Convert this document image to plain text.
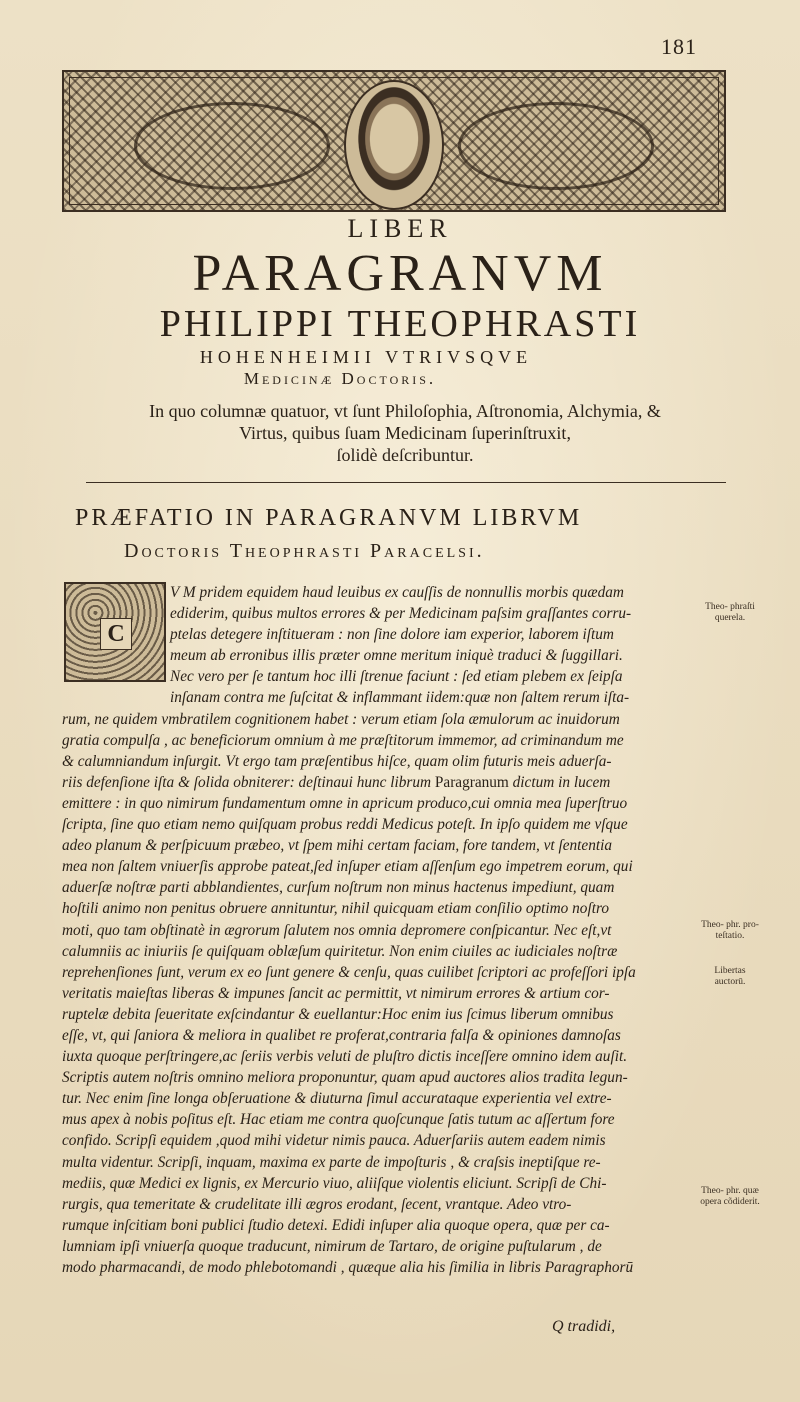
181
LIBER
PARAGRANVM
PHILIPPI THEOPHRASTI
HOHENHEIMII VTRIVSQVE
Medicinæ Doctoris.
In quo columnæ quatuor, vt ſunt Philoſophia, Aſtronomia, Alchymia, &
Virtus, quibus ſuam Medicinam ſuperinſtruxit,
ſolidè deſcribuntur.
PRÆFATIO IN PARAGRANVM LIBRVM
Doctoris Theophrasti Paracelsi.
V M pridem equidem haud leuibus ex cauſſis de nonnullis morbis quædam
ediderim, quibus multos errores & per Medicinam paſsim graſſantes corru-
ptelas detegere inſtitueram : non ſine dolore iam experior, laborem iſtum
meum ab erronibus illis præter omne meritum iniquè traduci & ſuggillari.
Nec vero per ſe tantum hoc illi ſtrenue faciunt : ſed etiam plebem ex ſeipſa
inſanam contra me ſuſcitat & inflammant iidem:quæ non ſaltem rerum iſta-
rum, ne quidem vmbratilem cognitionem habet : verum etiam ſola æmulorum ac inuidorum
gratia compulſa , ac beneficiorum omnium à me præſtitorum immemor, ad criminandum me
& calumniandum inſurgit. Vt ergo tam præſentibus hiſce, quam olim futuris meis aduerſa-
riis defenſione iſta & ſolida obniterer: deſtinaui hunc librum Paragranum dictum in lucem
emittere : in quo nimirum fundamentum omne in apricum produco,cui omnia mea ſuperſtruo
ſcripta, ſine quo etiam nemo quiſquam probus reddi Medicus poteſt. In ipſo quidem me vſque
adeo planum & perſpicuum præbeo, vt ſpem mihi certam faciam, fore tandem, vt ſententia
mea non ſaltem vniuerſis approbe pateat,ſed inſuper etiam aſſenſum ego impetrem eorum, qui
aduerſæ noſtræ parti abblandientes, curſum noſtrum non minus hactenus impediunt, quam
hoſtili animo non penitus obruere annituntur, nihil quicquam etiam conſilio optimo noſtro
moti, quo tam obſtinatè in ægrorum ſalutem nos omnia depromere conſpicantur. Nec eſt,vt
calumniis ac iniuriis ſe quiſquam oblæſum quiritetur. Non enim ciuiles ac iudiciales noſtræ
reprehenſiones ſunt, verum ex eo ſunt genere & cenſu, quas cuilibet ſcriptori ac profeſſori ipſa
veritatis maieſtas liberas & impunes ſancit ac permittit, vt nimirum errores & artium cor-
ruptelæ debita ſeueritate exſcindantur & euellantur:Hoc enim ius ſcimus liberum omnibus
eſſe, vt, qui ſaniora & meliora in qualibet re proferat,contraria falſa & opiniones damnoſas
iuxta quoque perſtringere,ac ſeriis verbis veluti de pluſtro dictis inceſſere omnino idem auſit.
Scriptis autem noſtris omnino meliora proponuntur, quam apud auctores alios tradita legun-
tur. Nec enim ſine longa obſeruatione & diuturna ſimul accurataque experientia vel extre-
mus apex à nobis poſitus eſt. Hac etiam me contra quoſcunque ſatis tutum ac aſſertum fore
confido. Scripſi equidem ,quod mihi videtur nimis pauca. Aduerſariis autem eadem nimis
multa videntur. Scripſi, inquam, maxima ex parte de impoſturis , & craſsis ineptiſque re-
mediis, quæ Medici ex lignis, ex Mercurio viuo, aliiſque violentis eliciunt. Scripſi de Chi-
rurgis, qua temeritate & crudelitate illi ægros erodant, ſecent, vrantque. Adeo vtro-
rumque inſcitiam boni publici ſtudio detexi. Edidi inſuper alia quoque opera, quæ per ca-
lumniam ipſi vniuerſa quoque traducunt, nimirum de Tartaro, de origine puſtularum , de
modo pharmacandi, de modo phlebotomandi , quæque alia his ſimilia in libris Paragraphorū
C
Theo- phraſti querela.
Theo- phr. pro- teſtatio.
Libertas auctorū.
Theo- phr. quæ opera cõdiderit.
Q tradidi,
